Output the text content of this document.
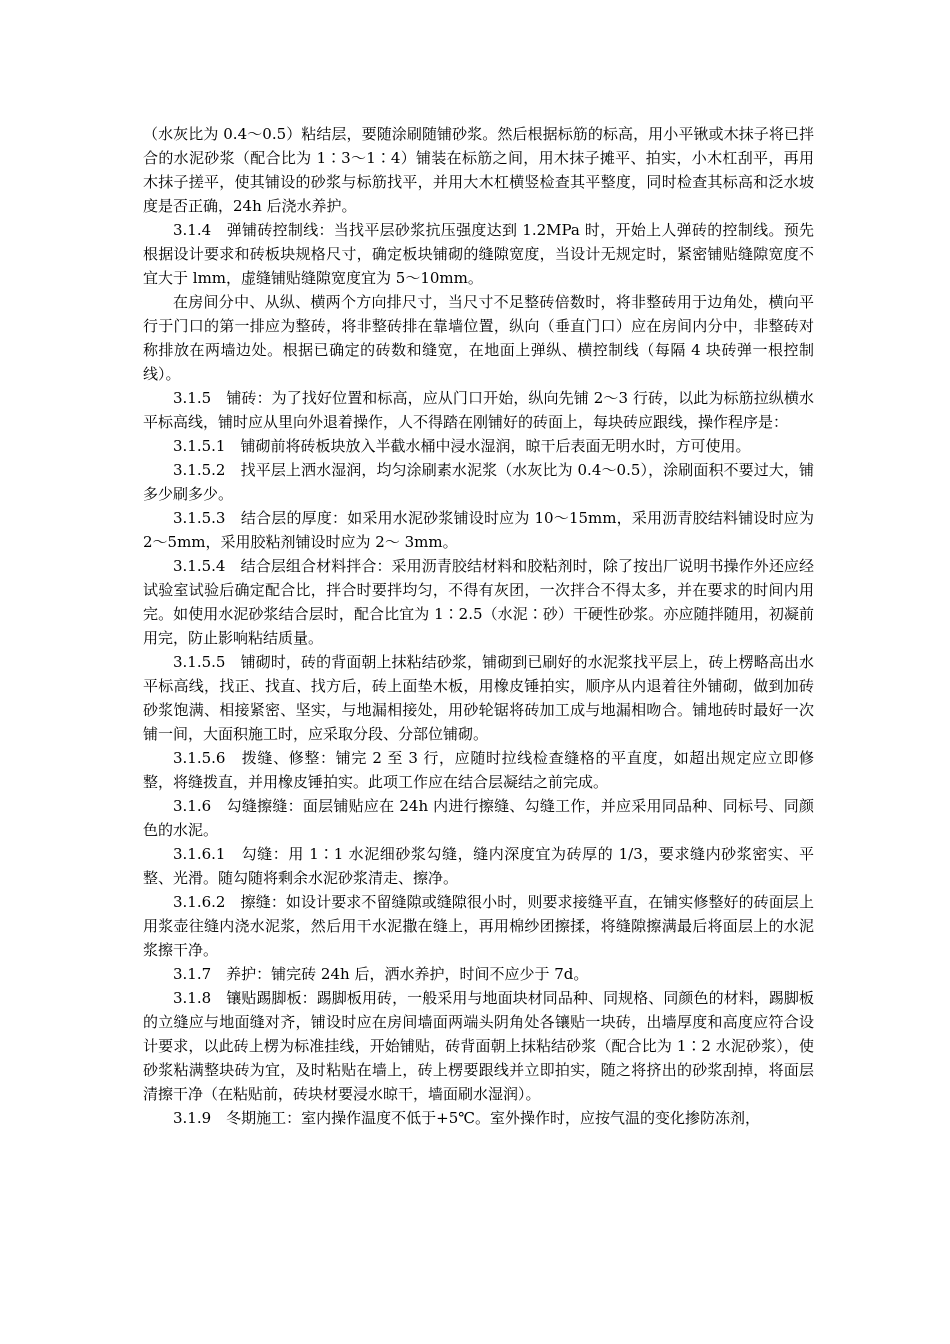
（水灰比为 0.4～0.5）粘结层，要随涂刷随铺砂浆。然后根据标筋的标高，用小平锹或木抹子将已拌合的水泥砂浆（配合比为 1∶3～1∶4）铺装在标筋之间，用木抹子摊平、拍实，小木杠刮平，再用木抹子搓平，使其铺设的砂浆与标筋找平，并用大木杠横竖检查其平整度，同时检查其标高和泛水坡度是否正确，24h 后浇水养护。

3.1.4　弹铺砖控制线：当找平层砂浆抗压强度达到 1.2MPa 时，开始上人弹砖的控制线。预先根据设计要求和砖板块规格尺寸，确定板块铺砌的缝隙宽度，当设计无规定时，紧密铺贴缝隙宽度不宜大于 lmm，虚缝铺贴缝隙宽度宜为 5～10mm。

在房间分中、从纵、横两个方向排尺寸，当尺寸不足整砖倍数时，将非整砖用于边角处，横向平行于门口的第一排应为整砖，将非整砖排在靠墙位置，纵向（垂直门口）应在房间内分中，非整砖对称排放在两墙边处。根据已确定的砖数和缝宽，在地面上弹纵、横控制线（每隔 4 块砖弹一根控制线）。

3.1.5　铺砖：为了找好位置和标高，应从门口开始，纵向先铺 2～3 行砖，以此为标筋拉纵横水平标高线，铺时应从里向外退着操作，人不得踏在刚铺好的砖面上，每块砖应跟线，操作程序是：

3.1.5.1　铺砌前将砖板块放入半截水桶中浸水湿润，晾干后表面无明水时，方可使用。

3.1.5.2　找平层上洒水湿润，均匀涂刷素水泥浆（水灰比为 0.4～0.5），涂刷面积不要过大，铺多少刷多少。

3.1.5.3　结合层的厚度：如采用水泥砂浆铺设时应为 10～15mm，采用沥青胶结料铺设时应为 2～5mm，采用胶粘剂铺设时应为 2～ 3mm。

3.1.5.4　结合层组合材料拌合：采用沥青胶结材料和胶粘剂时，除了按出厂说明书操作外还应经试验室试验后确定配合比，拌合时要拌均匀，不得有灰团，一次拌合不得太多，并在要求的时间内用完。如使用水泥砂浆结合层时，配合比宜为 1∶2.5（水泥∶砂）干硬性砂浆。亦应随拌随用，初凝前用完，防止影响粘结质量。

3.1.5.5　铺砌时，砖的背面朝上抹粘结砂浆，铺砌到已刷好的水泥浆找平层上，砖上楞略高出水平标高线，找正、找直、找方后，砖上面垫木板，用橡皮锤拍实，顺序从内退着往外铺砌，做到加砖砂浆饱满、相接紧密、坚实，与地漏相接处，用砂轮锯将砖加工成与地漏相吻合。铺地砖时最好一次铺一间，大面积施工时，应采取分段、分部位铺砌。

3.1.5.6　拨缝、修整：铺完 2 至 3 行，应随时拉线检查缝格的平直度，如超出规定应立即修整，将缝拨直，并用橡皮锤拍实。此项工作应在结合层凝结之前完成。

3.1.6　勾缝擦缝：面层铺贴应在 24h 内进行擦缝、勾缝工作，并应采用同品种、同标号、同颜色的水泥。

3.1.6.1　勾缝：用 1∶1 水泥细砂浆勾缝，缝内深度宜为砖厚的 1/3，要求缝内砂浆密实、平整、光滑。随勾随将剩余水泥砂浆清走、擦净。

3.1.6.2　擦缝：如设计要求不留缝隙或缝隙很小时，则要求接缝平直，在铺实修整好的砖面层上用浆壶往缝内浇水泥浆，然后用干水泥撒在缝上，再用棉纱团擦揉，将缝隙擦满最后将面层上的水泥浆擦干净。

3.1.7　养护：铺完砖 24h 后，洒水养护，时间不应少于 7d。

3.1.8　镶贴踢脚板：踢脚板用砖，一般采用与地面块材同品种、同规格、同颜色的材料，踢脚板的立缝应与地面缝对齐，铺设时应在房间墙面两端头阴角处各镶贴一块砖，出墙厚度和高度应符合设计要求，以此砖上楞为标准挂线，开始铺贴，砖背面朝上抹粘结砂浆（配合比为 1∶2 水泥砂浆），使砂浆粘满整块砖为宜，及时粘贴在墙上，砖上楞要跟线并立即拍实，随之将挤出的砂浆刮掉，将面层清擦干净（在粘贴前，砖块材要浸水晾干，墙面刷水湿润）。

3.1.9　冬期施工：室内操作温度不低于+5℃。室外操作时，应按气温的变化掺防冻剂，
